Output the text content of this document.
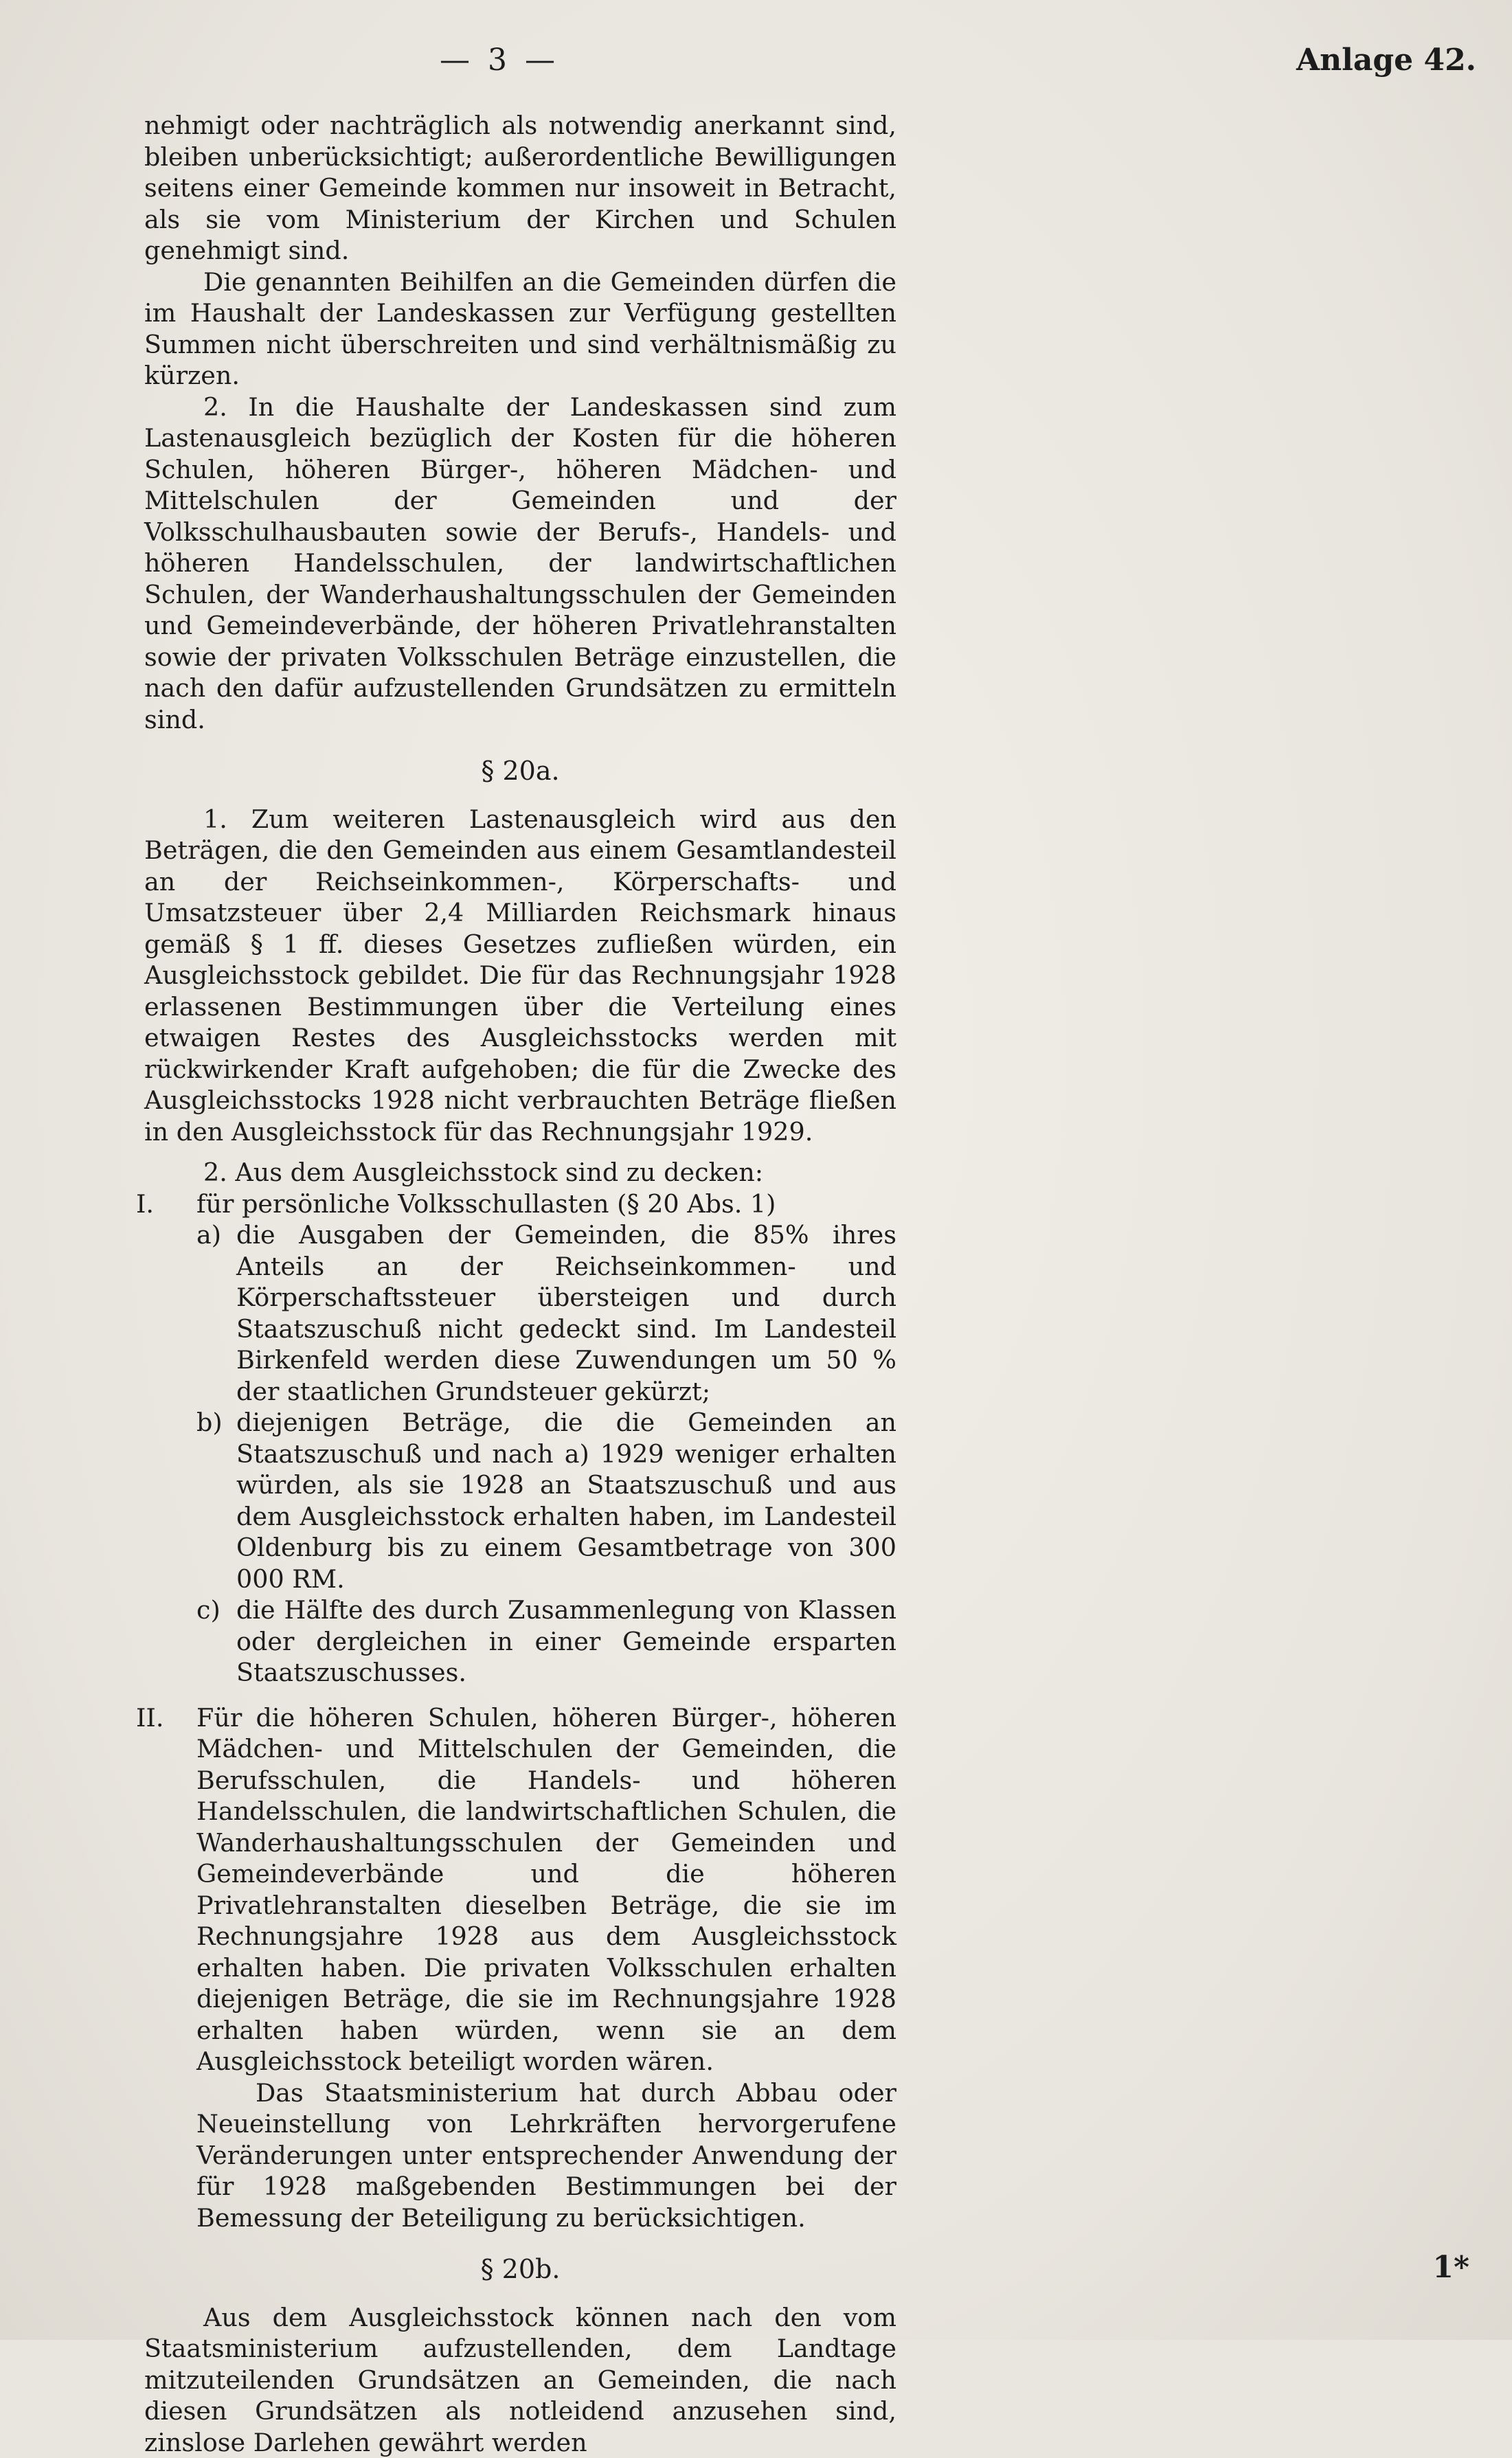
— 3 —	Anlage 42.

nehmigt oder nachträglich als notwendig anerkannt sind, bleiben unberücksichtigt; außerordentliche Bewilligungen seitens einer Gemeinde kommen nur insoweit in Betracht, als sie vom Ministerium der Kirchen und Schulen genehmigt sind.

Die genannten Beihilfen an die Gemeinden dürfen die im Haushalt der Landeskassen zur Verfügung gestellten Summen nicht überschreiten und sind verhältnismäßig zu kürzen.

2. In die Haushalte der Landeskassen sind zum Lastenausgleich bezüglich der Kosten für die höheren Schulen, höheren Bürger-, höheren Mädchen- und Mittelschulen der Gemeinden und der Volksschulhausbauten sowie der Berufs-, Handels- und höheren Handelsschulen, der landwirtschaftlichen Schulen, der Wanderhaushaltungsschulen der Gemeinden und Gemeindeverbände, der höheren Privatlehranstalten sowie der privaten Volksschulen Beträge einzustellen, die nach den dafür aufzustellenden Grundsätzen zu ermitteln sind.

§ 20a.

1. Zum weiteren Lastenausgleich wird aus den Beträgen, die den Gemeinden aus einem Gesamtlandesteil an der Reichseinkommen-, Körperschafts- und Umsatzsteuer über 2,4 Milliarden Reichsmark hinaus gemäß § 1 ff. dieses Gesetzes zufließen würden, ein Ausgleichsstock gebildet. Die für das Rechnungsjahr 1928 erlassenen Bestimmungen über die Verteilung eines etwaigen Restes des Ausgleichsstocks werden mit rückwirkender Kraft aufgehoben; die für die Zwecke des Ausgleichsstocks 1928 nicht verbrauchten Beträge fließen in den Ausgleichsstock für das Rechnungsjahr 1929.

2. Aus dem Ausgleichsstock sind zu decken:

I. für persönliche Volksschullasten (§ 20 Abs. 1)
a) die Ausgaben der Gemeinden, die 85% ihres Anteils an der Reichseinkommen- und Körperschaftssteuer übersteigen und durch Staatszuschuß nicht gedeckt sind. Im Landesteil Birkenfeld werden diese Zuwendungen um 50 % der staatlichen Grundsteuer gekürzt;
b) diejenigen Beträge, die die Gemeinden an Staatszuschuß und nach a) 1929 weniger erhalten würden, als sie 1928 an Staatszuschuß und aus dem Ausgleichsstock erhalten haben, im Landesteil Oldenburg bis zu einem Gesamtbetrage von 300 000 RM.
c) die Hälfte des durch Zusammenlegung von Klassen oder dergleichen in einer Gemeinde ersparten Staatszuschusses.
II. Für die höheren Schulen, höheren Bürger-, höheren Mädchen- und Mittelschulen der Gemeinden, die Berufsschulen, die Handels- und höheren Handelsschulen, die landwirtschaftlichen Schulen, die Wanderhaushaltungsschulen der Gemeinden und Gemeindeverbände und die höheren Privatlehranstalten dieselben Beträge, die sie im Rechnungsjahre 1928 aus dem Ausgleichsstock erhalten haben. Die privaten Volksschulen erhalten diejenigen Beträge, die sie im Rechnungsjahre 1928 erhalten haben würden, wenn sie an dem Ausgleichsstock beteiligt worden wären.

Das Staatsministerium hat durch Abbau oder Neueinstellung von Lehrkräften hervorgerufene Veränderungen unter entsprechender Anwendung der für 1928 maßgebenden Bestimmungen bei der Bemessung der Beteiligung zu berücksichtigen.

§ 20b.

Aus dem Ausgleichsstock können nach den vom Staatsministerium aufzustellenden, dem Landtage mitzuteilenden Grundsätzen an Gemeinden, die nach diesen Grundsätzen als notleidend anzusehen sind, zinslose Darlehen gewährt werden

1*
